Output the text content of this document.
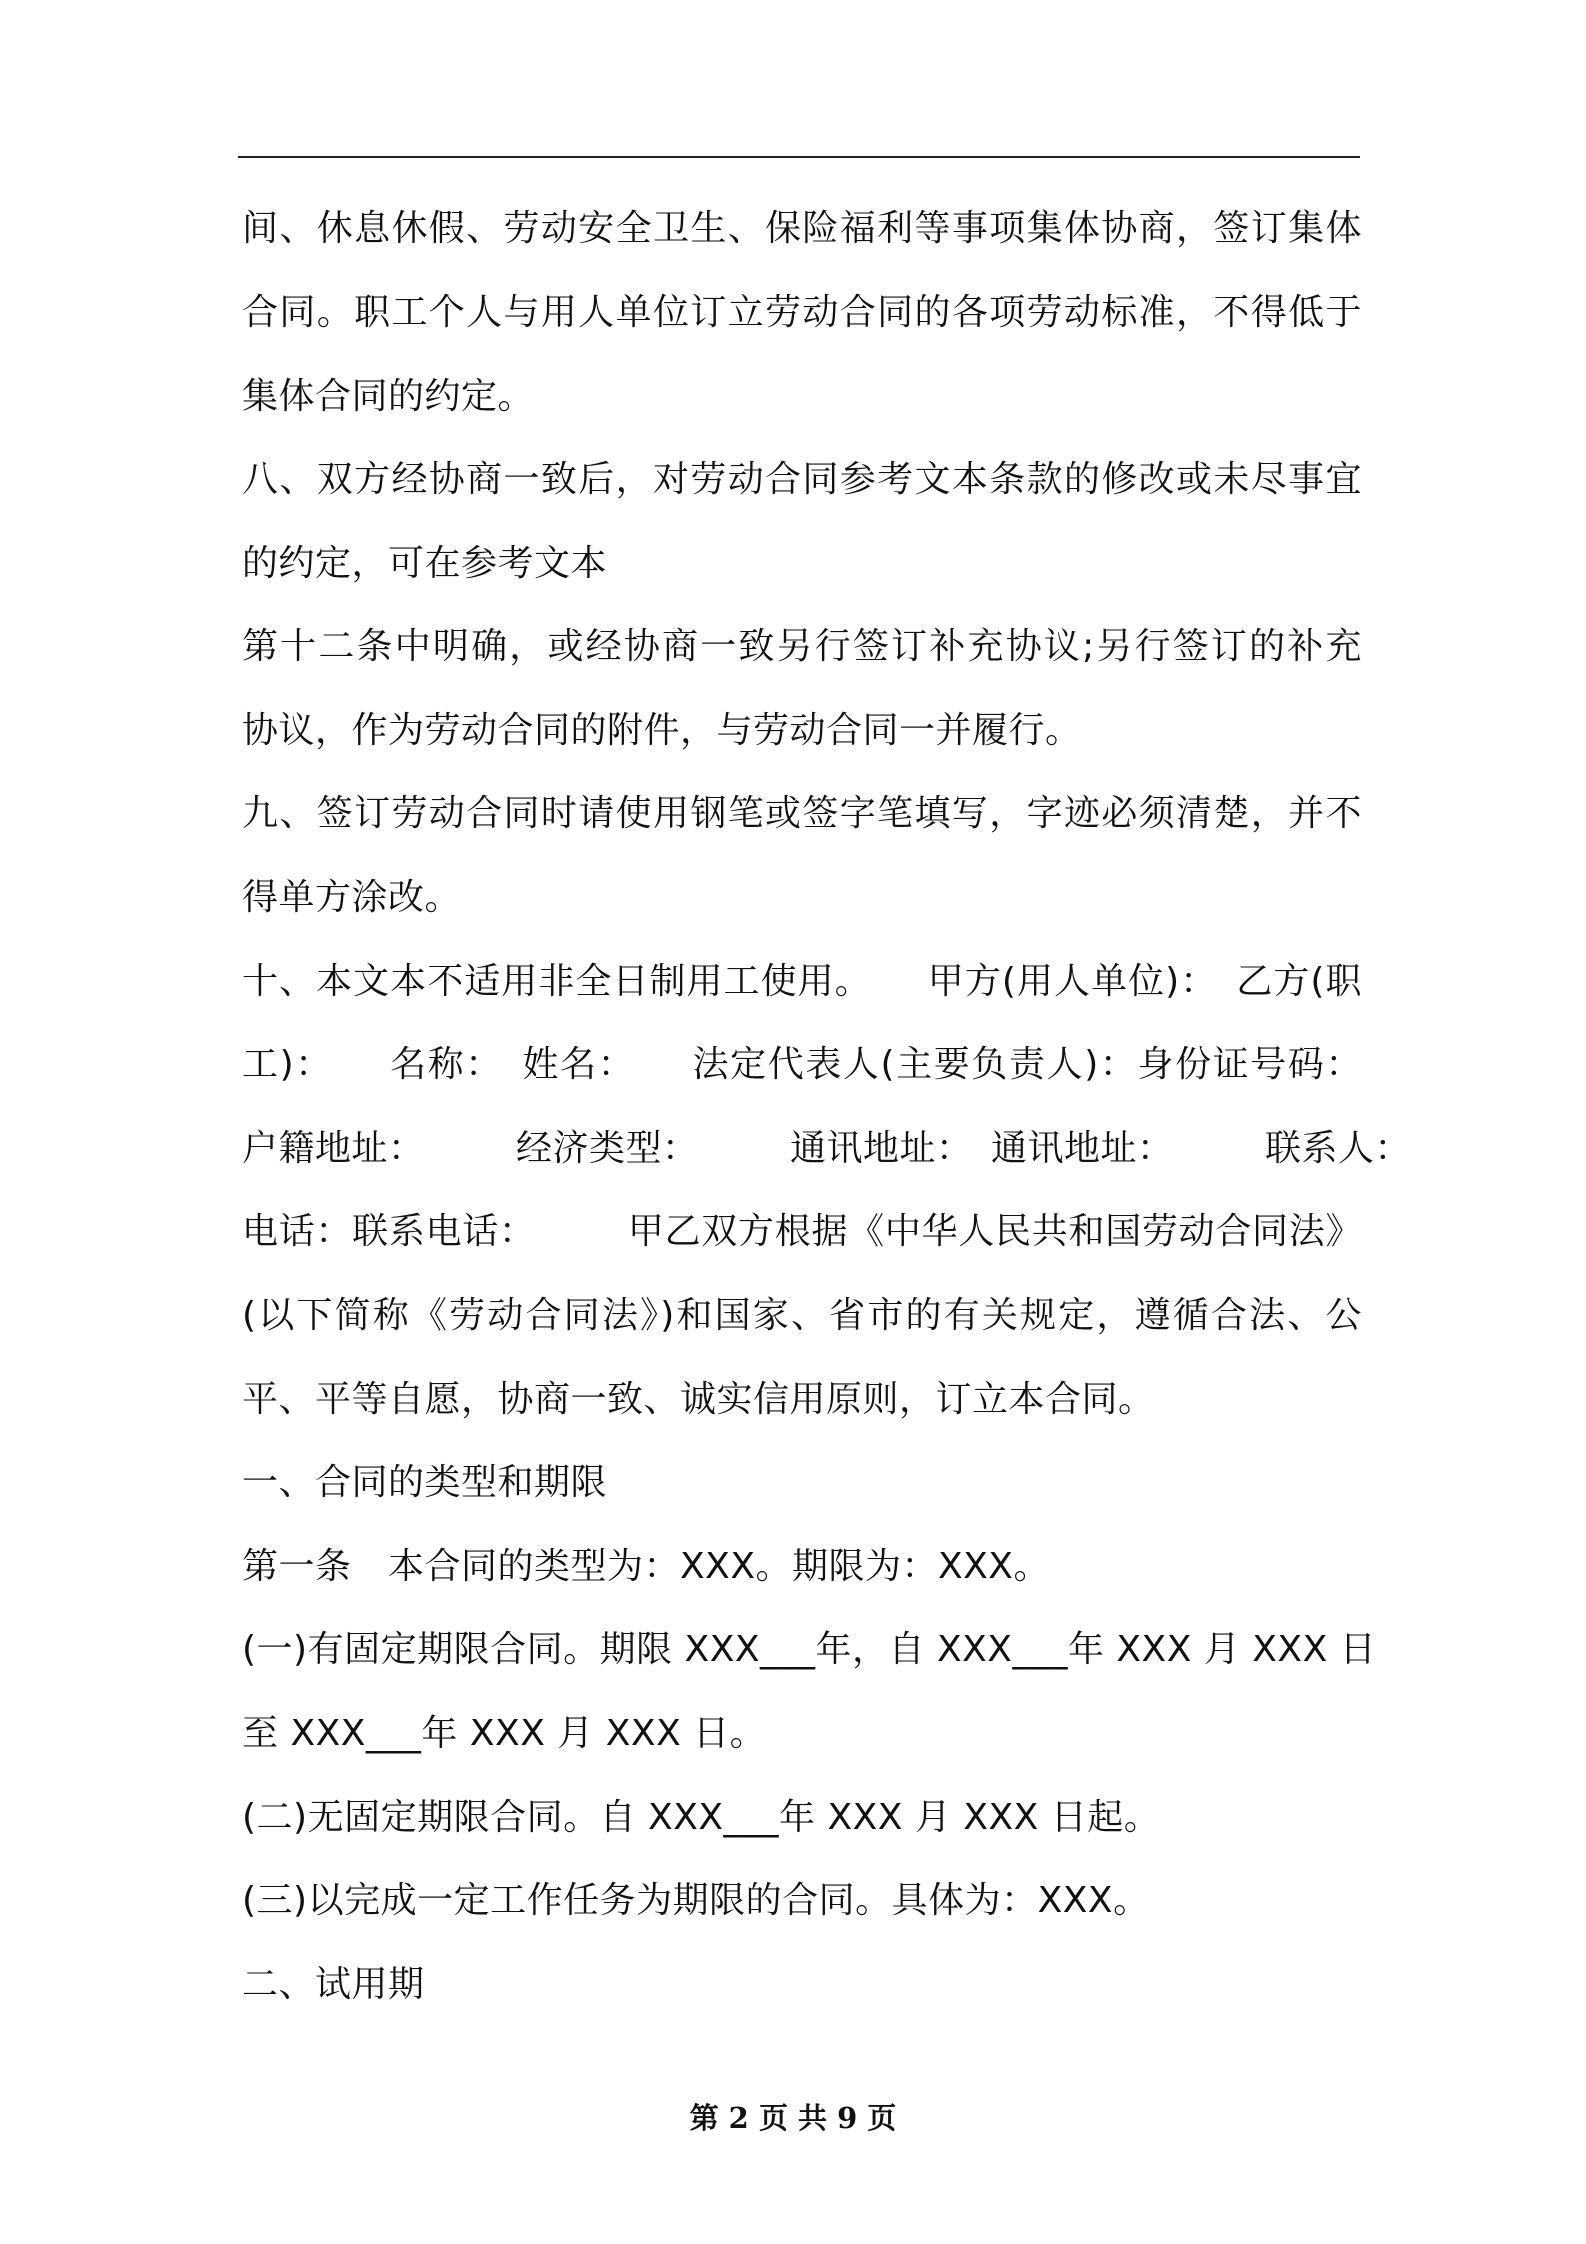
间、休息休假、劳动安全卫生、保险福利等事项集体协商，签订集体
合同。职工个人与用人单位订立劳动合同的各项劳动标准，不得低于
集体合同的约定。
八、双方经协商一致后，对劳动合同参考文本条款的修改或未尽事宜
的约定，可在参考文本
第十二条中明确，或经协商一致另行签订补充协议;另行签订的补充
协议，作为劳动合同的附件，与劳动合同一并履行。
九、签订劳动合同时请使用钢笔或签字笔填写，字迹必须清楚，并不
得单方涂改。
十、本文本不适用非全日制用工使用。　　甲方(用人单位)：　乙方(职
工)：　　名称：　姓名：　　法定代表人(主要负责人)：身份证号码：
户籍地址：　　　经济类型：　　　通讯地址：　通讯地址：　　　联系人：
电话：联系电话：　　　甲乙双方根据《中华人民共和国劳动合同法》
(以下简称《劳动合同法》)和国家、省市的有关规定，遵循合法、公
平、平等自愿，协商一致、诚实信用原则，订立本合同。
一、合同的类型和期限
第一条　本合同的类型为：XXX。期限为：XXX。
(一)有固定期限合同。期限 XXX___年，自 XXX___年 XXX 月 XXX 日
至 XXX___年 XXX 月 XXX 日。
(二)无固定期限合同。自 XXX___年 XXX 月 XXX 日起。
(三)以完成一定工作任务为期限的合同。具体为：XXX。
二、试用期
第 2 页 共 9 页
